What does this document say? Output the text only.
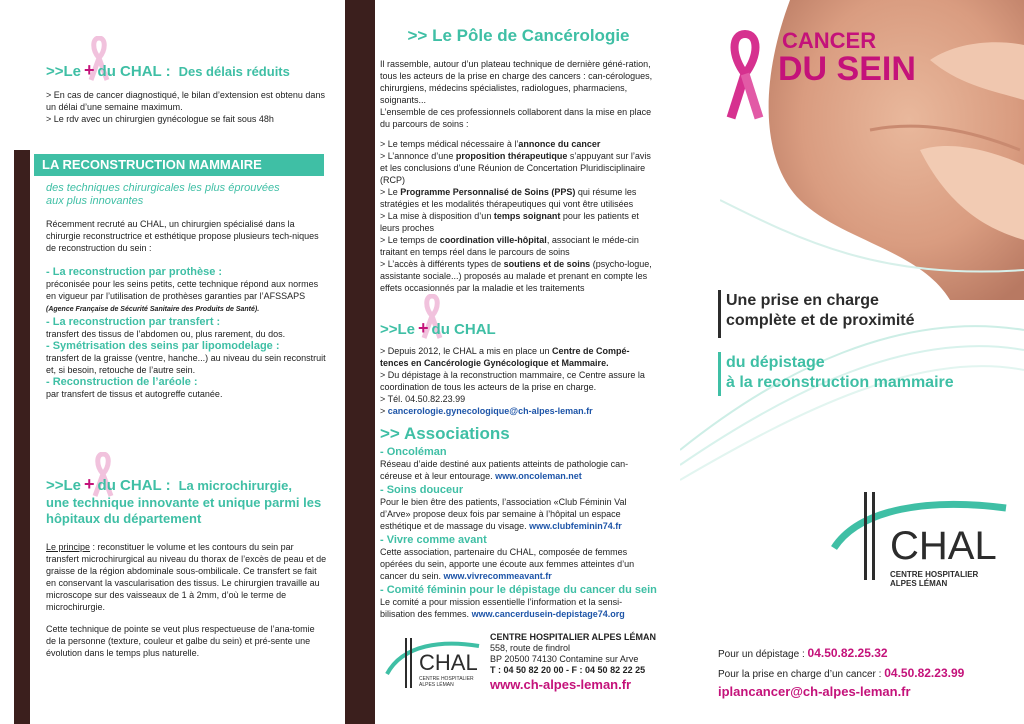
>>Le + du CHAL : Des délais réduits
> En cas de cancer diagnostiqué, le bilan d’extension est obtenu dans un délai d’une semaine maximum.
> Le rdv avec un chirurgien gynécologue se fait sous 48h
LA RECONSTRUCTION MAMMAIRE
des techniques chirurgicales les plus éprouvées
aux plus innovantes
Récemment recruté au CHAL, un chirurgien spécialisé dans la chirurgie reconstructrice et esthétique propose plusieurs tech-niques de reconstruction du sein :
- La reconstruction par prothèse :
préconisée pour les seins petits, cette technique répond aux normes en vigueur par l’utilisation de prothèses garanties par l’AFSSAPS (Agence Française de Sécurité Sanitaire des Produits de Santé).
- La reconstruction par transfert :
transfert des tissus de l’abdomen ou, plus rarement, du dos.
- Symétrisation des seins par lipomodelage :
transfert de la graisse (ventre, hanche...) au niveau du sein reconstruit et, si besoin, retouche de l’autre sein.
- Reconstruction de l’aréole :
par transfert de tissus et autogreffe cutanée.
>>Le + du CHAL : La microchirurgie,
une technique innovante et unique parmi les
hôpitaux du département
Le principe : reconstituer le volume et les contours du sein par transfert microchirurgical au niveau du thorax de l’excès de peau et de graisse de la région abdominale sous-ombilicale. Ce transfert se fait en conservant la vascularisation des tissus. Le chirurgien travaille au microscope sur des vaisseaux de 1 à 2mm, d’où le terme de microchirurgie.
Cette technique de pointe se veut plus respectueuse de l’ana-tomie de la personne (texture, couleur et galbe du sein) et pré-sente une évolution dans le temps plus naturelle.
>> Le Pôle de Cancérologie
Il rassemble, autour d’un plateau technique de dernière géné-ration, tous les acteurs de la prise en charge des cancers : can-cérologues, chirurgiens, médecins spécialistes, radiologues, pharmaciens, soignants...
L’ensemble de ces professionnels collaborent dans la mise en place du parcours de soins :
> Le temps médical nécessaire à l’annonce du cancer
> L’annonce d’une proposition thérapeutique s’appuyant sur l’avis et les conclusions d’une Réunion de Concertation Pluridisciplinaire (RCP)
> Le Programme Personnalisé de Soins (PPS) qui résume les stratégies et les modalités thérapeutiques qui vont être utilisées
> La mise à disposition d’un temps soignant pour les patients et leurs proches
> Le temps de coordination ville-hôpital, associant le méde-cin traitant en temps réel dans le parcours de soins
> L’accès à différents types de soutiens et de soins (psycho-logue, assistante sociale...) proposés au malade et prenant en compte les effets occasionnés par la maladie et les traitements
>>Le + du CHAL
> Depuis 2012, le CHAL a mis en place un Centre de Compé-tences en Cancérologie Gynécologique et Mammaire.
> Du dépistage à la reconstruction mammaire, ce Centre assure la coordination de tous les acteurs de la prise en charge.
> Tél. 04.50.82.23.99
> cancerologie.gynecologique@ch-alpes-leman.fr
>> Associations
- Oncoléman
Réseau d’aide destiné aux patients atteints de pathologie can-céreuse et à leur entourage. www.oncoleman.net
- Soins douceur
Pour le bien être des patients, l’association «Club Féminin Val d’Arve» propose deux fois par semaine à l’hôpital un espace esthétique et de massage du visage. www.clubfeminin74.fr
- Vivre comme avant
Cette association, partenaire du CHAL, composée de femmes opérées du sein, apporte une écoute aux femmes atteintes d’un cancer du sein. www.vivrecommeavant.fr
- Comité féminin pour le dépistage du cancer du sein
Le comité a pour mission essentielle l’information et la sensi-bilisation des femmes. www.cancerdusein-depistage74.org
CHAL
CENTRE HOSPITALIER
ALPES LÉMAN
CENTRE HOSPITALIER ALPES LÉMAN
558, route de findrol
BP 20500 74130 Contamine sur Arve
T : 04 50 82 20 00 - F : 04 50 82 22 25
www.ch-alpes-leman.fr
CANCER
DU SEIN
Une prise en charge
complète et de proximité
du dépistage
à la reconstruction mammaire
CHAL
CENTRE HOSPITALIER
ALPES LÉMAN
Pour un dépistage : 04.50.82.25.32
Pour la prise en charge d’un cancer : 04.50.82.23.99
iplancancer@ch-alpes-leman.fr
